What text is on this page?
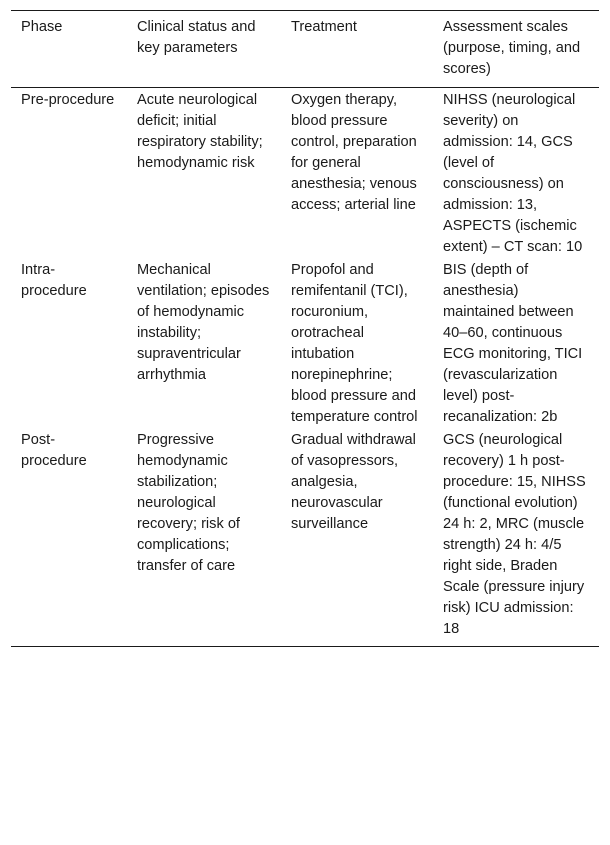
Phase	Clinical status and key parameters	Treatment	Assessment scales (purpose, timing, and scores)
Pre-procedure	Acute neurological deficit; initial respiratory stability; hemodynamic risk	Oxygen therapy, blood pressure control, preparation for general anesthesia; venous access; arterial line	NIHSS (neurological severity) on admission: 14, GCS (level of consciousness) on admission: 13, ASPECTS (ischemic extent) – CT scan: 10
Intra-procedure	Mechanical ventilation; episodes of hemodynamic instability; supraventricular arrhythmia	Propofol and remifentanil (TCI), rocuronium, orotracheal intubation norepinephrine; blood pressure and temperature control	BIS (depth of anesthesia) maintained between 40–60, continuous ECG monitoring, TICI (revascularization level) post-recanalization: 2b
Post-procedure	Progressive hemodynamic stabilization; neurological recovery; risk of complications; transfer of care	Gradual withdrawal of vasopressors, analgesia, neurovascular surveillance	GCS (neurological recovery) 1 h post-procedure: 15, NIHSS (functional evolution) 24 h: 2, MRC (muscle strength) 24 h: 4/5 right side, Braden Scale (pressure injury risk) ICU admission: 18
